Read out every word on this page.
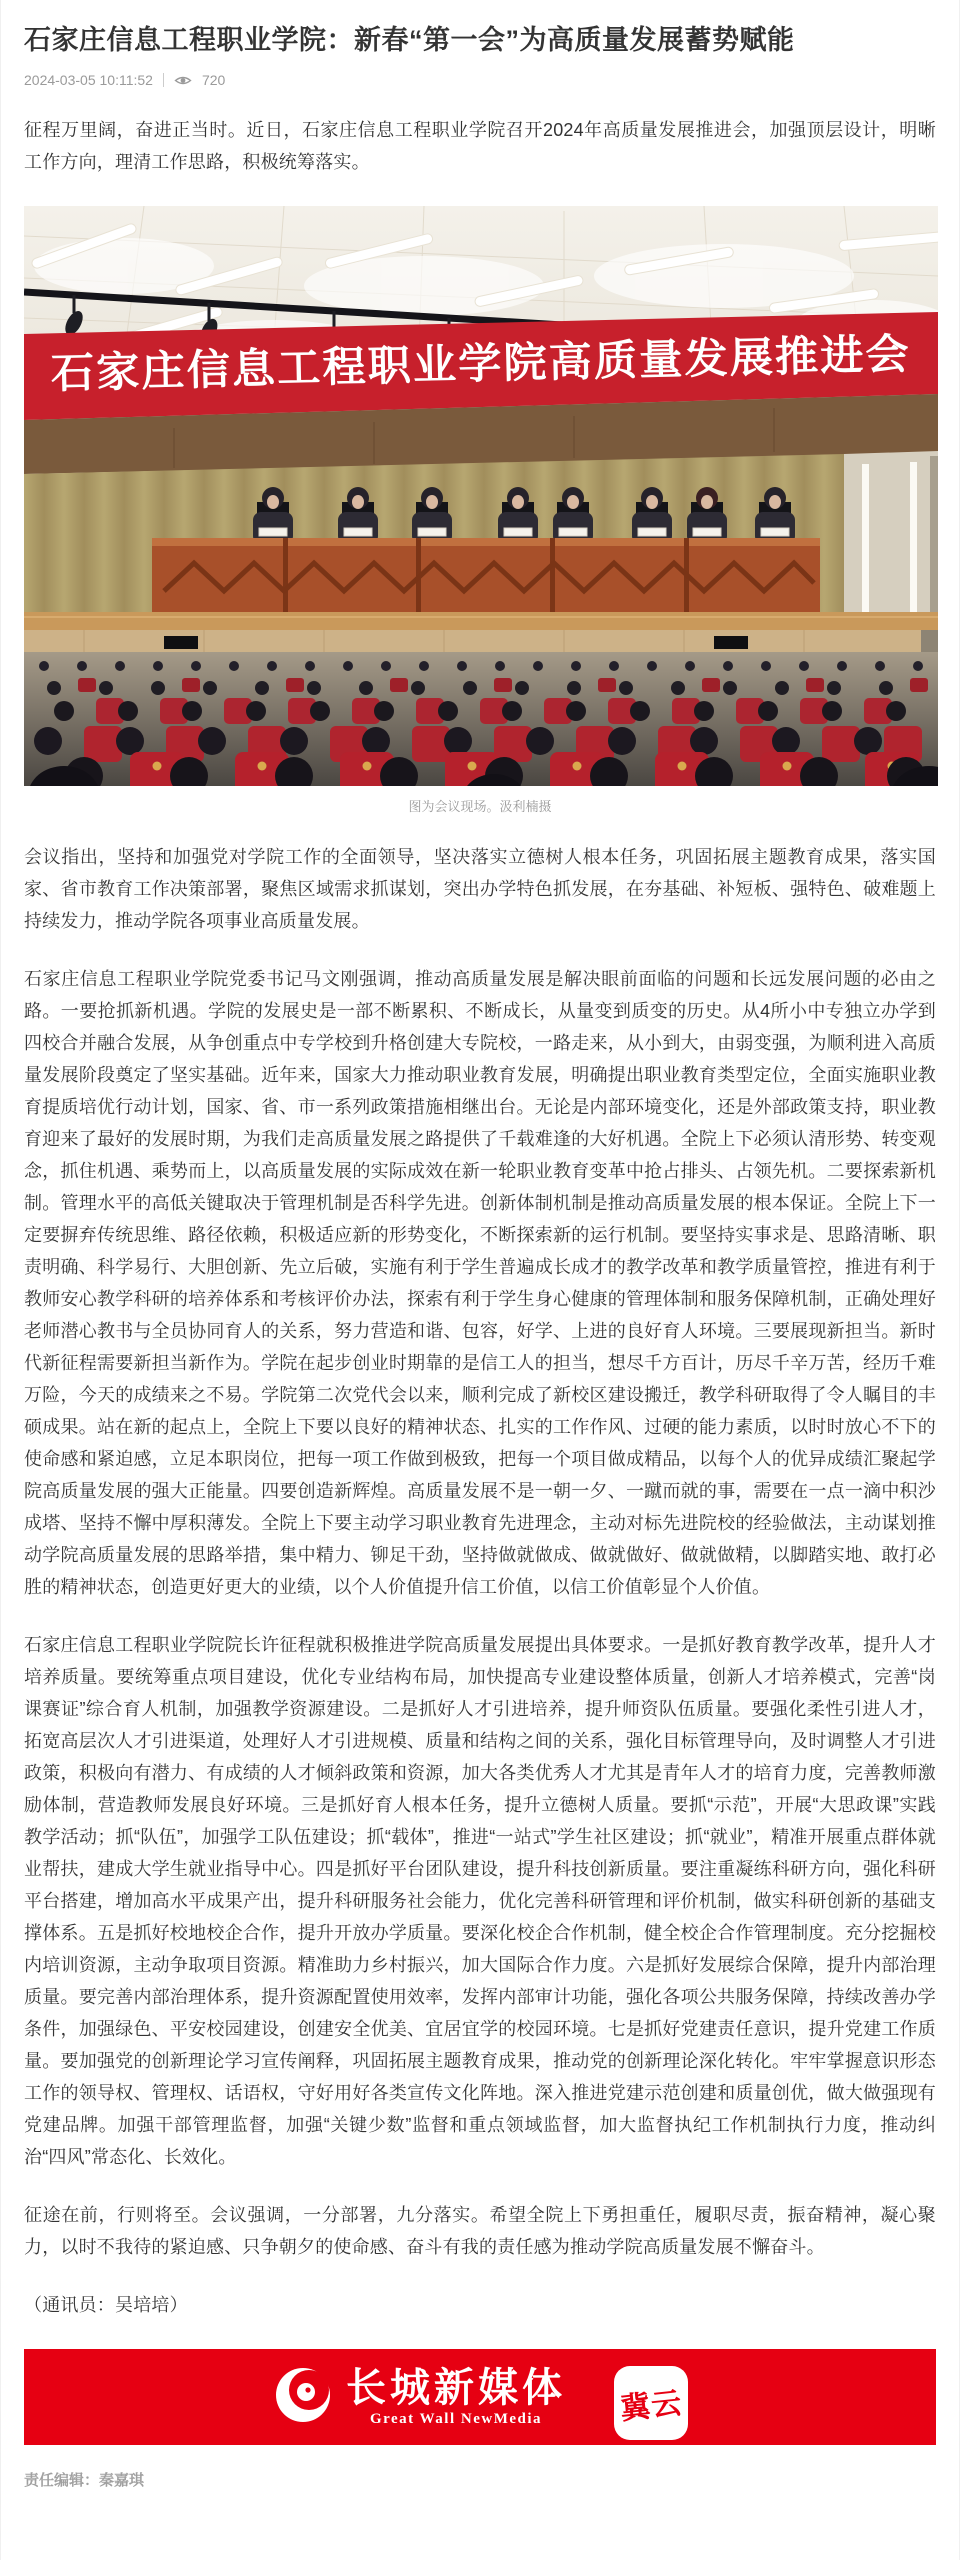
石家庄信息工程职业学院：新春“第一会”为高质量发展蓄势赋能
2024-03-05 10:11:52	720

征程万里阔，奋进正当时。近日，石家庄信息工程职业学院召开2024年高质量发展推进会，加强顶层设计，明晰工作方向，理清工作思路，积极统筹落实。

石家庄信息工程职业学院高质量发展推进会
图为会议现场。汲利楠摄

会议指出，坚持和加强党对学院工作的全面领导，坚决落实立德树人根本任务，巩固拓展主题教育成果，落实国家、省市教育工作决策部署，聚焦区域需求抓谋划，突出办学特色抓发展，在夯基础、补短板、强特色、破难题上持续发力，推动学院各项事业高质量发展。

石家庄信息工程职业学院党委书记马文刚强调，推动高质量发展是解决眼前面临的问题和长远发展问题的必由之路。一要抢抓新机遇。学院的发展史是一部不断累积、不断成长，从量变到质变的历史。从4所小中专独立办学到四校合并融合发展，从争创重点中专学校到升格创建大专院校，一路走来，从小到大，由弱变强，为顺利进入高质量发展阶段奠定了坚实基础。近年来，国家大力推动职业教育发展，明确提出职业教育类型定位，全面实施职业教育提质培优行动计划，国家、省、市一系列政策措施相继出台。无论是内部环境变化，还是外部政策支持，职业教育迎来了最好的发展时期，为我们走高质量发展之路提供了千载难逢的大好机遇。全院上下必须认清形势、转变观念，抓住机遇、乘势而上，以高质量发展的实际成效在新一轮职业教育变革中抢占排头、占领先机。二要探索新机制。管理水平的高低关键取决于管理机制是否科学先进。创新体制机制是推动高质量发展的根本保证。全院上下一定要摒弃传统思维、路径依赖，积极适应新的形势变化，不断探索新的运行机制。要坚持实事求是、思路清晰、职责明确、科学易行、大胆创新、先立后破，实施有利于学生普遍成长成才的教学改革和教学质量管控，推进有利于教师安心教学科研的培养体系和考核评价办法，探索有利于学生身心健康的管理体制和服务保障机制，正确处理好老师潜心教书与全员协同育人的关系，努力营造和谐、包容，好学、上进的良好育人环境。三要展现新担当。新时代新征程需要新担当新作为。学院在起步创业时期靠的是信工人的担当，想尽千方百计，历尽千辛万苦，经历千难万险，今天的成绩来之不易。学院第二次党代会以来，顺利完成了新校区建设搬迁，教学科研取得了令人瞩目的丰硕成果。站在新的起点上，全院上下要以良好的精神状态、扎实的工作作风、过硬的能力素质，以时时放心不下的使命感和紧迫感，立足本职岗位，把每一项工作做到极致，把每一个项目做成精品，以每个人的优异成绩汇聚起学院高质量发展的强大正能量。四要创造新辉煌。高质量发展不是一朝一夕、一蹴而就的事，需要在一点一滴中积沙成塔、坚持不懈中厚积薄发。全院上下要主动学习职业教育先进理念，主动对标先进院校的经验做法，主动谋划推动学院高质量发展的思路举措，集中精力、铆足干劲，坚持做就做成、做就做好、做就做精，以脚踏实地、敢打必胜的精神状态，创造更好更大的业绩，以个人价值提升信工价值，以信工价值彰显个人价值。

石家庄信息工程职业学院院长许征程就积极推进学院高质量发展提出具体要求。一是抓好教育教学改革，提升人才培养质量。要统筹重点项目建设，优化专业结构布局，加快提高专业建设整体质量，创新人才培养模式，完善“岗课赛证”综合育人机制，加强教学资源建设。二是抓好人才引进培养，提升师资队伍质量。要强化柔性引进人才，拓宽高层次人才引进渠道，处理好人才引进规模、质量和结构之间的关系，强化目标管理导向，及时调整人才引进政策，积极向有潜力、有成绩的人才倾斜政策和资源，加大各类优秀人才尤其是青年人才的培育力度，完善教师激励体制，营造教师发展良好环境。三是抓好育人根本任务，提升立德树人质量。要抓“示范”，开展“大思政课”实践教学活动；抓“队伍”，加强学工队伍建设；抓“载体”，推进“一站式”学生社区建设；抓“就业”，精准开展重点群体就业帮扶，建成大学生就业指导中心。四是抓好平台团队建设，提升科技创新质量。要注重凝练科研方向，强化科研平台搭建，增加高水平成果产出，提升科研服务社会能力，优化完善科研管理和评价机制，做实科研创新的基础支撑体系。五是抓好校地校企合作，提升开放办学质量。要深化校企合作机制，健全校企合作管理制度。充分挖掘校内培训资源，主动争取项目资源。精准助力乡村振兴，加大国际合作力度。六是抓好发展综合保障，提升内部治理质量。要完善内部治理体系，提升资源配置使用效率，发挥内部审计功能，强化各项公共服务保障，持续改善办学条件，加强绿色、平安校园建设，创建安全优美、宜居宜学的校园环境。七是抓好党建责任意识，提升党建工作质量。要加强党的创新理论学习宣传阐释，巩固拓展主题教育成果，推动党的创新理论深化转化。牢牢掌握意识形态工作的领导权、管理权、话语权，守好用好各类宣传文化阵地。深入推进党建示范创建和质量创优，做大做强现有党建品牌。加强干部管理监督，加强“关键少数”监督和重点领域监督，加大监督执纪工作机制执行力度，推动纠治“四风”常态化、长效化。

征途在前，行则将至。会议强调，一分部署，九分落实。希望全院上下勇担重任，履职尽责，振奋精神，凝心聚力，以时不我待的紧迫感、只争朝夕的使命感、奋斗有我的责任感为推动学院高质量发展不懈奋斗。

（通讯员：吴培培）

长城新媒体
Great Wall NewMedia	冀云
责任编辑：秦嘉琪
